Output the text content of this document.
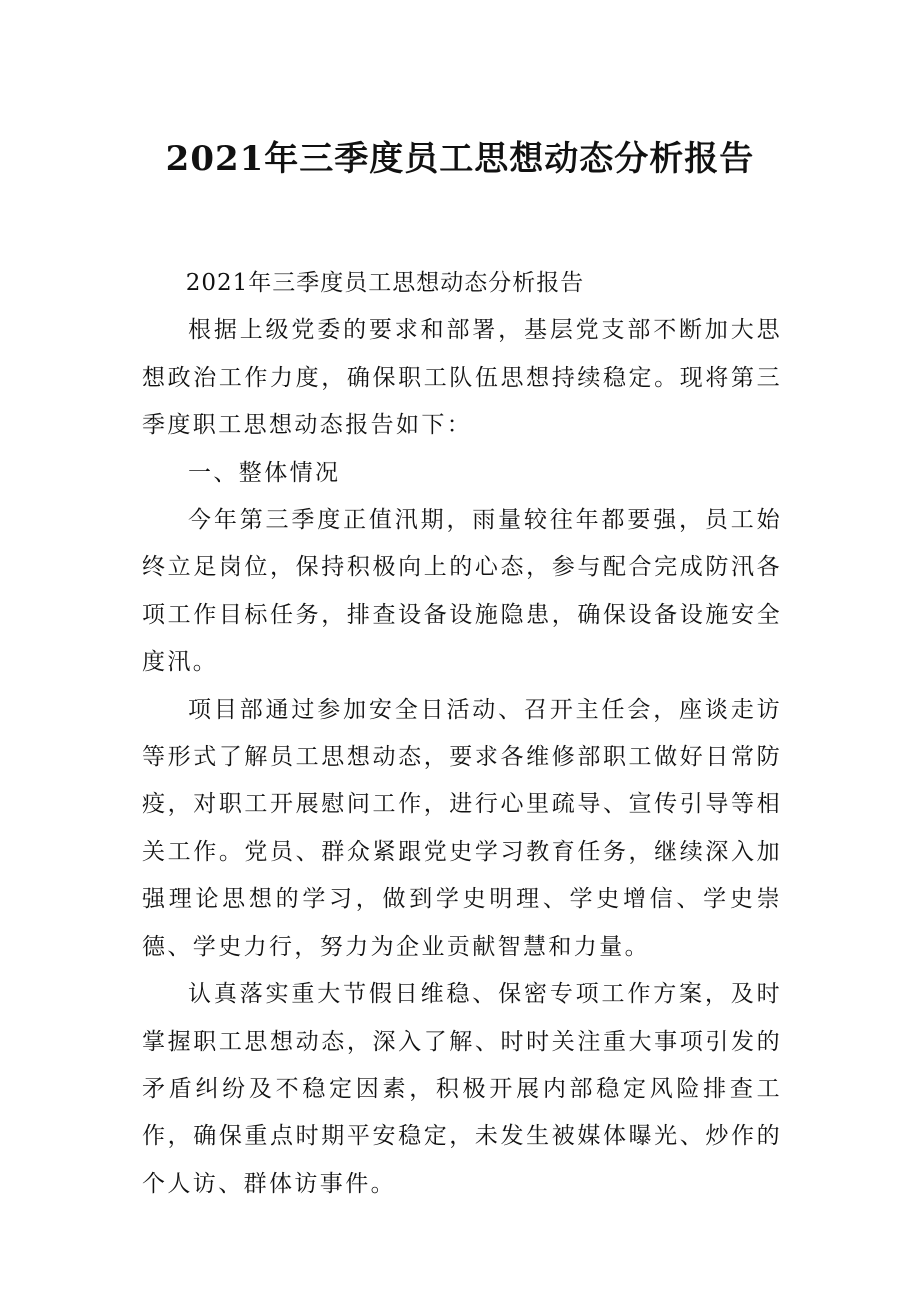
2021年三季度员工思想动态分析报告

2021年三季度员工思想动态分析报告

根据上级党委的要求和部署，基层党支部不断加大思想政治工作力度，确保职工队伍思想持续稳定。现将第三季度职工思想动态报告如下：

一、整体情况

今年第三季度正值汛期，雨量较往年都要强，员工始终立足岗位，保持积极向上的心态，参与配合完成防汛各项工作目标任务，排查设备设施隐患，确保设备设施安全度汛。

项目部通过参加安全日活动、召开主任会，座谈走访等形式了解员工思想动态，要求各维修部职工做好日常防疫，对职工开展慰问工作，进行心里疏导、宣传引导等相关工作。党员、群众紧跟党史学习教育任务，继续深入加强理论思想的学习，做到学史明理、学史增信、学史崇德、学史力行，努力为企业贡献智慧和力量。

认真落实重大节假日维稳、保密专项工作方案，及时掌握职工思想动态，深入了解、时时关注重大事项引发的矛盾纠纷及不稳定因素，积极开展内部稳定风险排查工作，确保重点时期平安稳定，未发生被媒体曝光、炒作的个人访、群体访事件。
